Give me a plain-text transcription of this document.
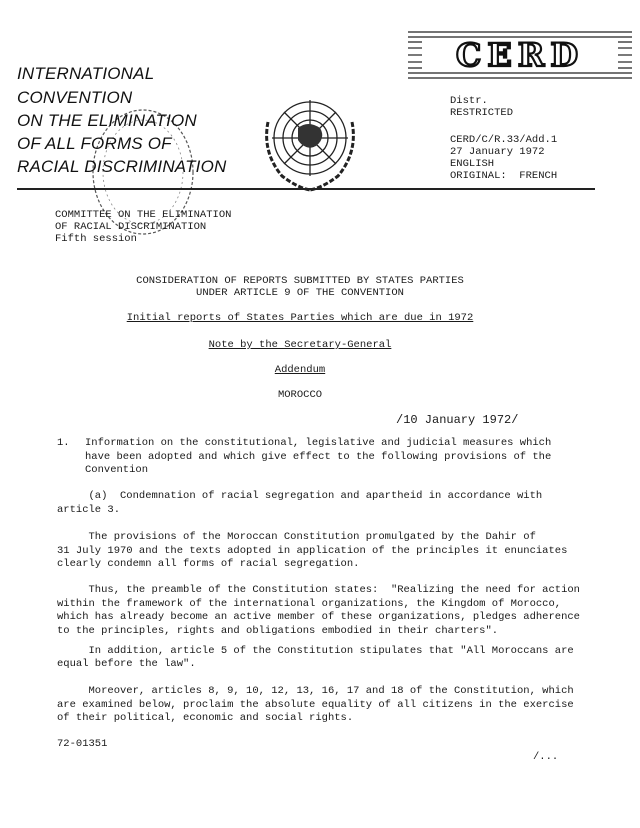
CERD
INTERNATIONAL
CONVENTION
ON THE ELIMINATION
OF ALL FORMS OF
RACIAL DISCRIMINATION
Distr.
RESTRICTED
CERD/C/R.33/Add.1
27 January 1972
ENGLISH
ORIGINAL:  FRENCH
COMMITTEE ON THE ELIMINATION
OF RACIAL DISCRIMINATION
Fifth session
CONSIDERATION OF REPORTS SUBMITTED BY STATES PARTIES
UNDER ARTICLE 9 OF THE CONVENTION
Initial reports of States Parties which are due in 1972
Note by the Secretary-General
Addendum
MOROCCO
/10 January 1972/
1. Information on the constitutional, legislative and judicial measures which
have been adopted and which give effect to the following provisions of the
Convention
(a)  Condemnation of racial segregation and apartheid in accordance with
article 3.
The provisions of the Moroccan Constitution promulgated by the Dahir of
31 July 1970 and the texts adopted in application of the principles it enunciates
clearly condemn all forms of racial segregation.
Thus, the preamble of the Constitution states:  "Realizing the need for action
within the framework of the international organizations, the Kingdom of Morocco,
which has already become an active member of these organizations, pledges adherence
to the principles, rights and obligations embodied in their charters".
In addition, article 5 of the Constitution stipulates that "All Moroccans are
equal before the law".
Moreover, articles 8, 9, 10, 12, 13, 16, 17 and 18 of the Constitution, which
are examined below, proclaim the absolute equality of all citizens in the exercise
of their political, economic and social rights.
72-01351
/...
